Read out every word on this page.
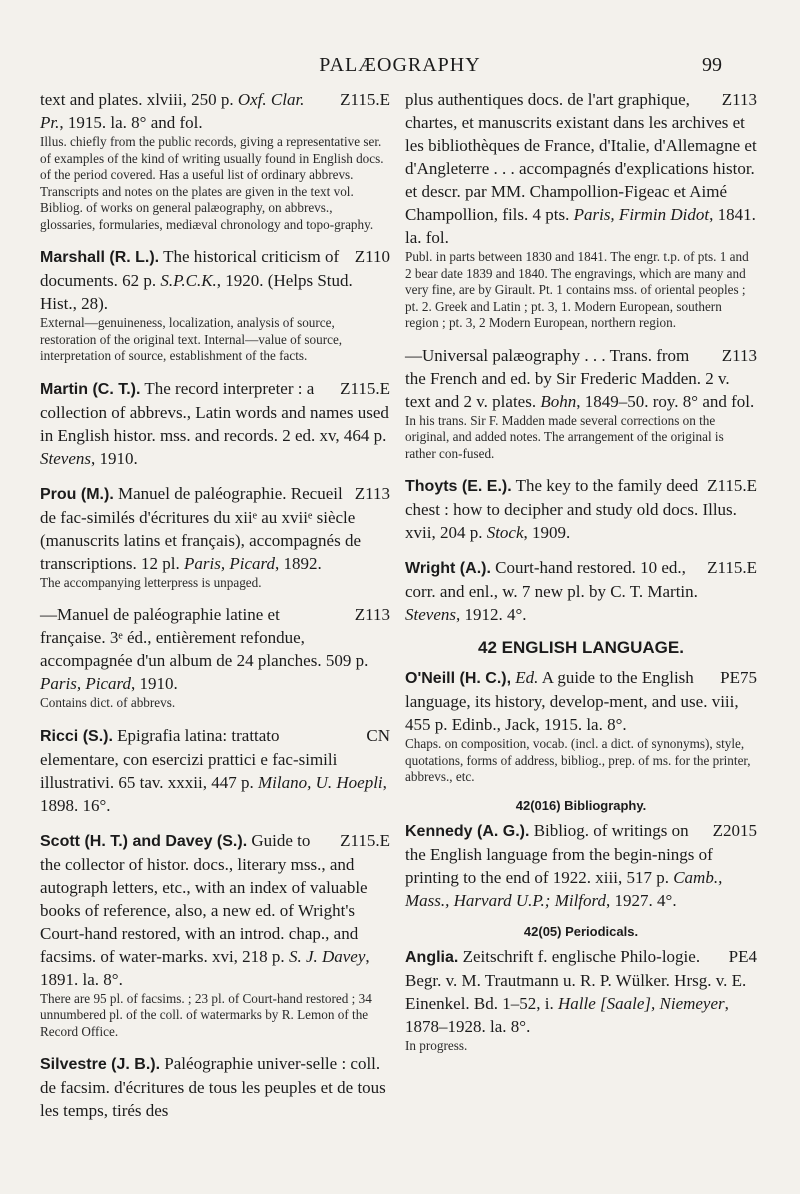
PALÆOGRAPHY	99
Z115.E
text and plates. xlviii, 250 p. Oxf. Clar. Pr., 1915. la. 8° and fol.
Illus. chiefly from the public records, giving a representative ser. of examples of the kind of writing usually found in English docs. of the period covered. Has a useful list of ordinary abbrevs. Transcripts and notes on the plates are given in the text vol. Bibliog. of works on general palæography, on abbrevs., glossaries, formularies, mediæval chronology and topo-graphy.
Z110
Marshall (R. L.). The historical criticism of documents. 62 p. S.P.C.K., 1920. (Helps Stud. Hist., 28).
External—genuineness, localization, analysis of source, restoration of the original text. Internal—value of source, interpretation of source, establishment of the facts.
Z115.E
Martin (C. T.). The record interpreter : a collection of abbrevs., Latin words and names used in English histor. mss. and records. 2 ed. xv, 464 p. Stevens, 1910.
Z113
Prou (M.). Manuel de paléographie. Recueil de fac-similés d'écritures du xiiᵉ au xviiᵉ siècle (manuscrits latins et français), accompagnés de transcriptions. 12 pl. Paris, Picard, 1892.
The accompanying letterpress is unpaged.
Z113
—Manuel de paléographie latine et française. 3ᵉ éd., entièrement refondue, accompagnée d'un album de 24 planches. 509 p. Paris, Picard, 1910.
Contains dict. of abbrevs.
CN
Ricci (S.). Epigrafia latina: trattato elementare, con esercizi prattici e fac-simili illustrativi. 65 tav. xxxii, 447 p. Milano, U. Hoepli, 1898. 16°.
Z115.E
Scott (H. T.) and Davey (S.). Guide to the collector of histor. docs., literary mss., and autograph letters, etc., with an index of valuable books of reference, also, a new ed. of Wright's Court-hand restored, with an introd. chap., and facsims. of water-marks. xvi, 218 p. S. J. Davey, 1891. la. 8°.
There are 95 pl. of facsims. ; 23 pl. of Court-hand restored ; 34 unnumbered pl. of the coll. of watermarks by R. Lemon of the Record Office.
Silvestre (J. B.). Paléographie univer-selle : coll. de facsim. d'écritures de tous les peuples et de tous les temps, tirés des
Z113
plus authentiques docs. de l'art graphique, chartes, et manuscrits existant dans les archives et les bibliothèques de France, d'Italie, d'Allemagne et d'Angleterre . . . accompagnés d'explications histor. et descr. par MM. Champollion-Figeac et Aimé Champollion, fils. 4 pts. Paris, Firmin Didot, 1841. la. fol.
Publ. in parts between 1830 and 1841. The engr. t.p. of pts. 1 and 2 bear date 1839 and 1840. The engravings, which are many and very fine, are by Girault. Pt. 1 contains mss. of oriental peoples ; pt. 2. Greek and Latin ; pt. 3, 1. Modern European, southern region ; pt. 3, 2 Modern European, northern region.
Z113
—Universal palæography . . . Trans. from the French and ed. by Sir Frederic Madden. 2 v. text and 2 v. plates. Bohn, 1849–50. roy. 8° and fol.
In his trans. Sir F. Madden made several corrections on the original, and added notes. The arrangement of the original is rather con-fused.
Z115.E
Thoyts (E. E.). The key to the family deed chest : how to decipher and study old docs. Illus. xvii, 204 p. Stock, 1909.
Z115.E
Wright (A.). Court-hand restored. 10 ed., corr. and enl., w. 7 new pl. by C. T. Martin. Stevens, 1912. 4°.
42 ENGLISH LANGUAGE.
PE75
O'Neill (H. C.), Ed. A guide to the English language, its history, develop-ment, and use. viii, 455 p. Edinb., Jack, 1915. la. 8°.
Chaps. on composition, vocab. (incl. a dict. of synonyms), style, quotations, forms of address, bibliog., prep. of ms. for the printer, abbrevs., etc.
42(016) Bibliography.
Z2015
Kennedy (A. G.). Bibliog. of writings on the English language from the begin-nings of printing to the end of 1922. xiii, 517 p. Camb., Mass., Harvard U.P.; Milford, 1927. 4°.
42(05) Periodicals.
PE4
Anglia. Zeitschrift f. englische Philo-logie. Begr. v. M. Trautmann u. R. P. Wülker. Hrsg. v. E. Einenkel. Bd. 1–52, i. Halle [Saale], Niemeyer, 1878–1928. la. 8°.
In progress.
